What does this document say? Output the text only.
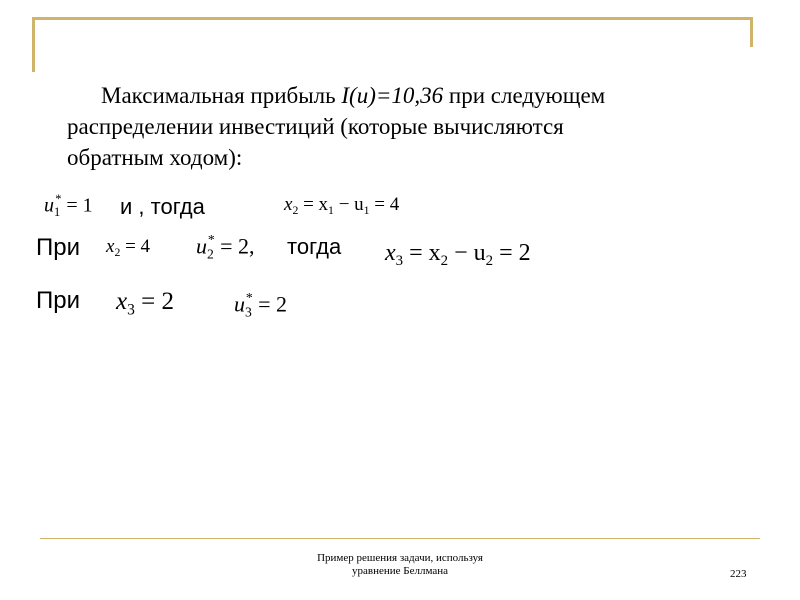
Максимальная прибыль I(u)=10,36 при следующем
распределении инвестиций (которые вычисляются
обратным ходом):
$u_1^* = 1$ и , тогда	$x_2 = x_1 - u_1 = 4$
При $x_2 = 4$ $u_2^* = 2$, тогда $x_3 = x_2 - u_2 = 2$
При $x_3 = 2$	$u_3^* = 2$
Пример решения задачи, используя
уравнение Беллмана	223
